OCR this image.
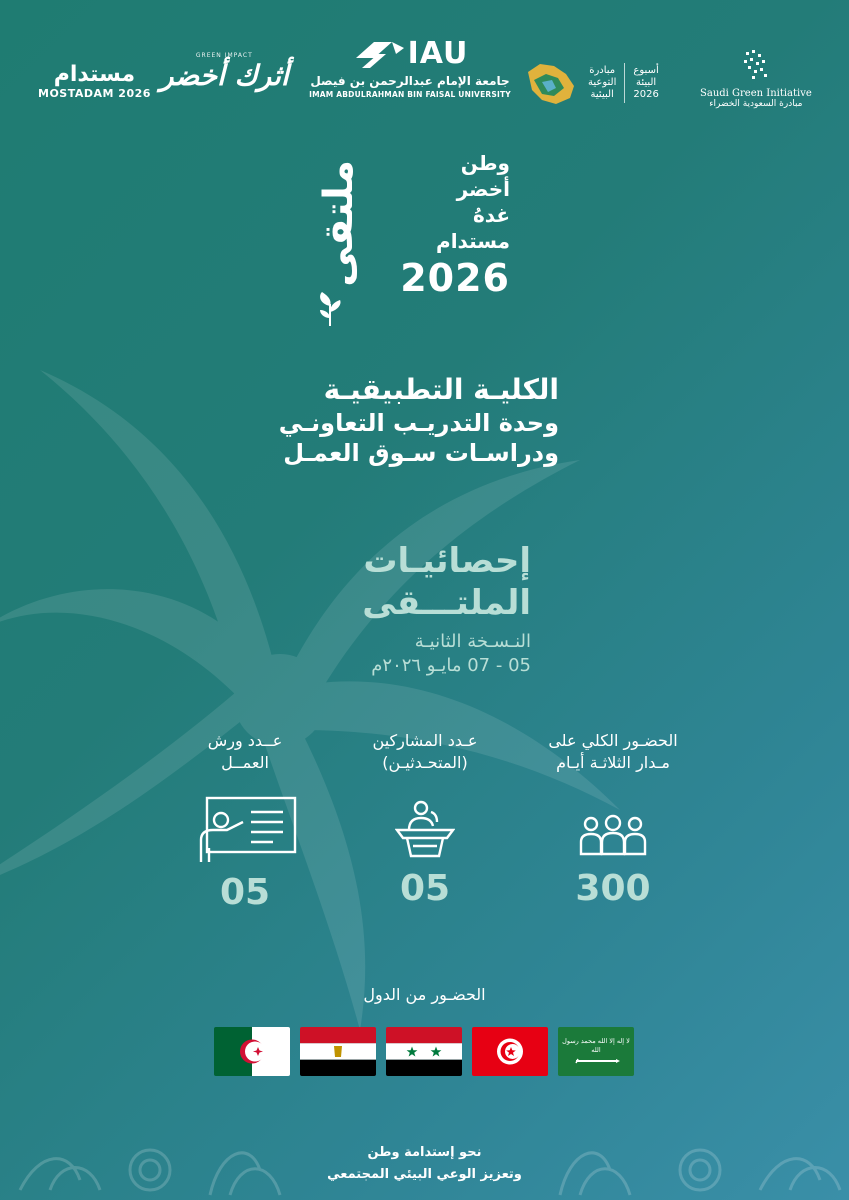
مستدام
MOSTADAM 2026
GREEN IMPACT
أثرك أخضر
IAU
جامعة الإمام عبدالرحمن بن فيصل
IMAM ABDULRAHMAN BIN FAISAL UNIVERSITY
أسبوع
البيئة
2026
مبادرة
التوعية
البيئية	Saudi Green Initiative
مبادرة السعودية الخضراء
وطن
أخضر
غدهُ
مستدام
2026
ملتقى
الكليـة التطبيقيـة
وحدة التدريـب التعاونـي
ودراسـات سـوق العمـل
إحصائيـات
الملتـــقى
النـسـخة الثانيـة
05 - 07 مايـو ٢٠٢٦م
الحضـور الكلي على
مـدار الثلاثـة أيـام
300
عـدد المشاركين
(المتحـدثيـن)
05
عــدد ورش
العمــل
05
الحضـور من الدول
لا إله إلا الله محمد رسول الله
نحو إستدامة وطن
وتعزيز الوعي البيئي المجتمعي
